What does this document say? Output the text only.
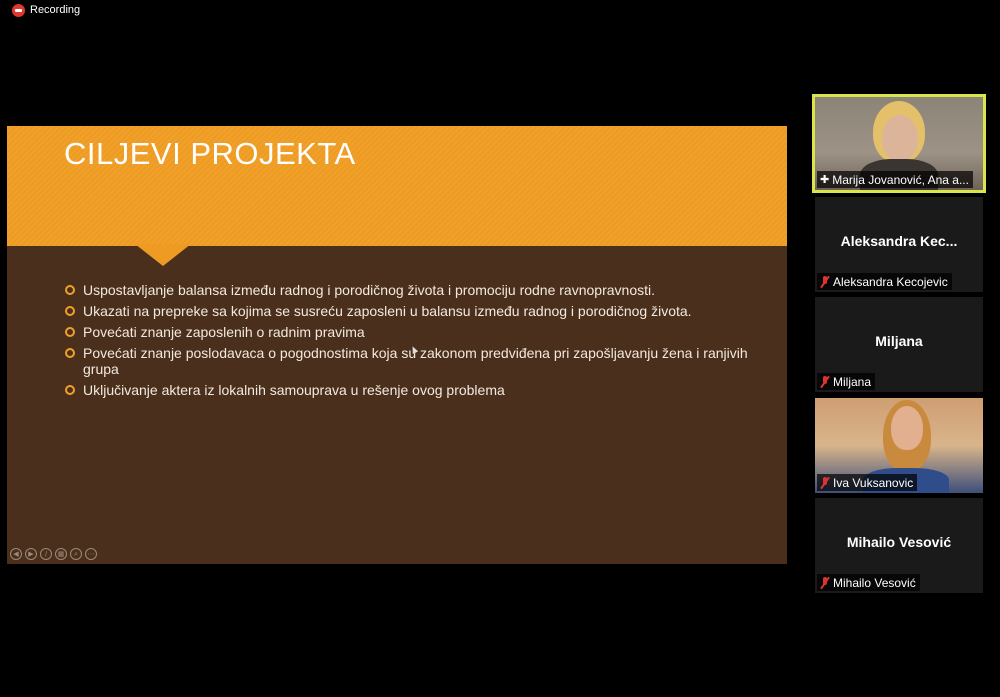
Recording
CILJEVI PROJEKTA
Uspostavljanje balansa između radnog i porodičnog života i promociju rodne ravnopravnosti.
Ukazati na prepreke sa kojima se susreću zaposleni u balansu između radnog i porodičnog života.
Povećati znanje zaposlenih o radnim pravima
Povećati znanje poslodavaca o pogodnostima koja su zakonom predviđena pri zapošljavanju žena i ranjivih grupa
Uključivanje aktera iz lokalnih samouprava u rešenje ovog problema
◀	▶	∕	▦	⌕	⋯
✚ Marija Jovanović, Ana a...
Aleksandra Kec...
Aleksandra Kecojevic
Miljana
Miljana
Iva Vuksanovic
Mihailo Vesović
Mihailo Vesović
